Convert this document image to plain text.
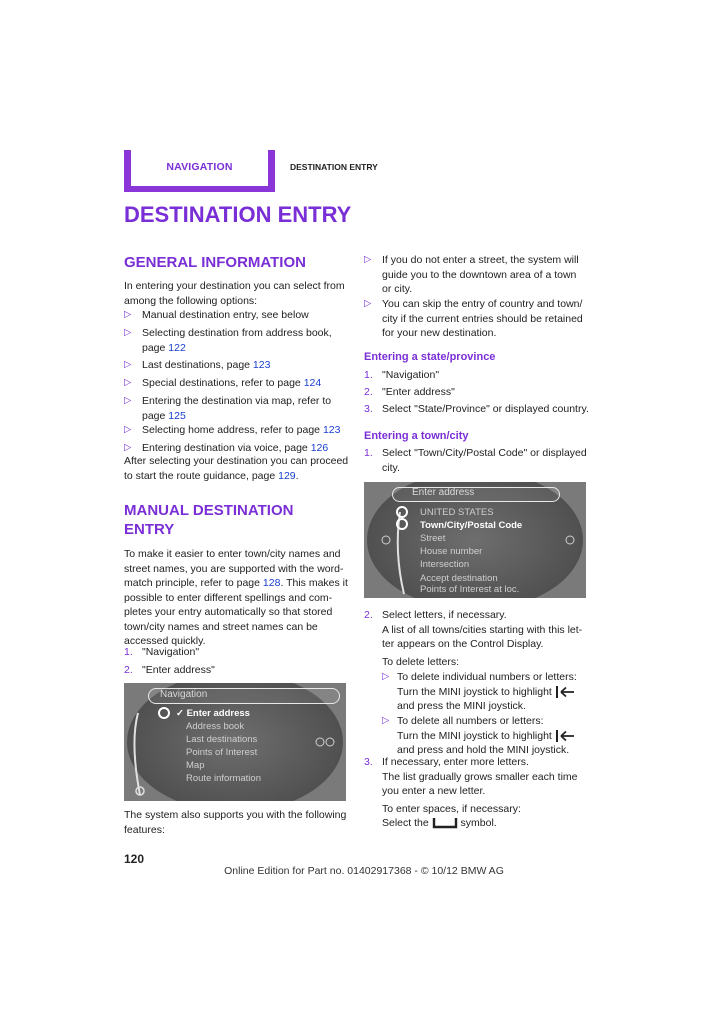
NAVIGATION	DESTINATION ENTRY
DESTINATION ENTRY
GENERAL INFORMATION
In entering your destination you can select from
among the following options:
▷ Manual destination entry, see below
▷ Selecting destination from address book,
page 122
▷ Last destinations, page 123
▷ Special destinations, refer to page 124
▷ Entering the destination via map, refer to
page 125
▷ Selecting home address, refer to page 123
▷ Entering destination via voice, page 126
After selecting your destination you can proceed
to start the route guidance, page 129.
MANUAL DESTINATION
ENTRY
To make it easier to enter town/city names and
street names, you are supported with the word-
match principle, refer to page 128. This makes it
possible to enter different spellings and com-
pletes your entry automatically so that stored
town/city names and street names can be
accessed quickly.
1. "Navigation"
2. "Enter address"
Navigation
✓ Enter address
Address book
Last destinations
Points of Interest
Map
Route information
The system also supports you with the following
features:
▷ If you do not enter a street, the system will
guide you to the downtown area of a town
or city.
▷ You can skip the entry of country and town/
city if the current entries should be retained
for your new destination.
Entering a state/province
1. "Navigation"
2. "Enter address"
3. Select "State/Province" or displayed country.
Entering a town/city
1. Select "Town/City/Postal Code" or displayed
city.
Enter address
UNITED STATES
Town/City/Postal Code
Street
House number
Intersection
Accept destination
Points of Interest at loc.
2. Select letters, if necessary.
A list of all towns/cities starting with this let-
ter appears on the Control Display.
To delete letters:
▷ To delete individual numbers or letters:
Turn the MINI joystick to highlight
and press the MINI joystick.
▷ To delete all numbers or letters:
Turn the MINI joystick to highlight
and press and hold the MINI joystick.
3. If necessary, enter more letters.
The list gradually grows smaller each time
you enter a new letter.
To enter spaces, if necessary:
Select the	symbol.
120
Online Edition for Part no. 01402917368 - © 10/12 BMW AG
